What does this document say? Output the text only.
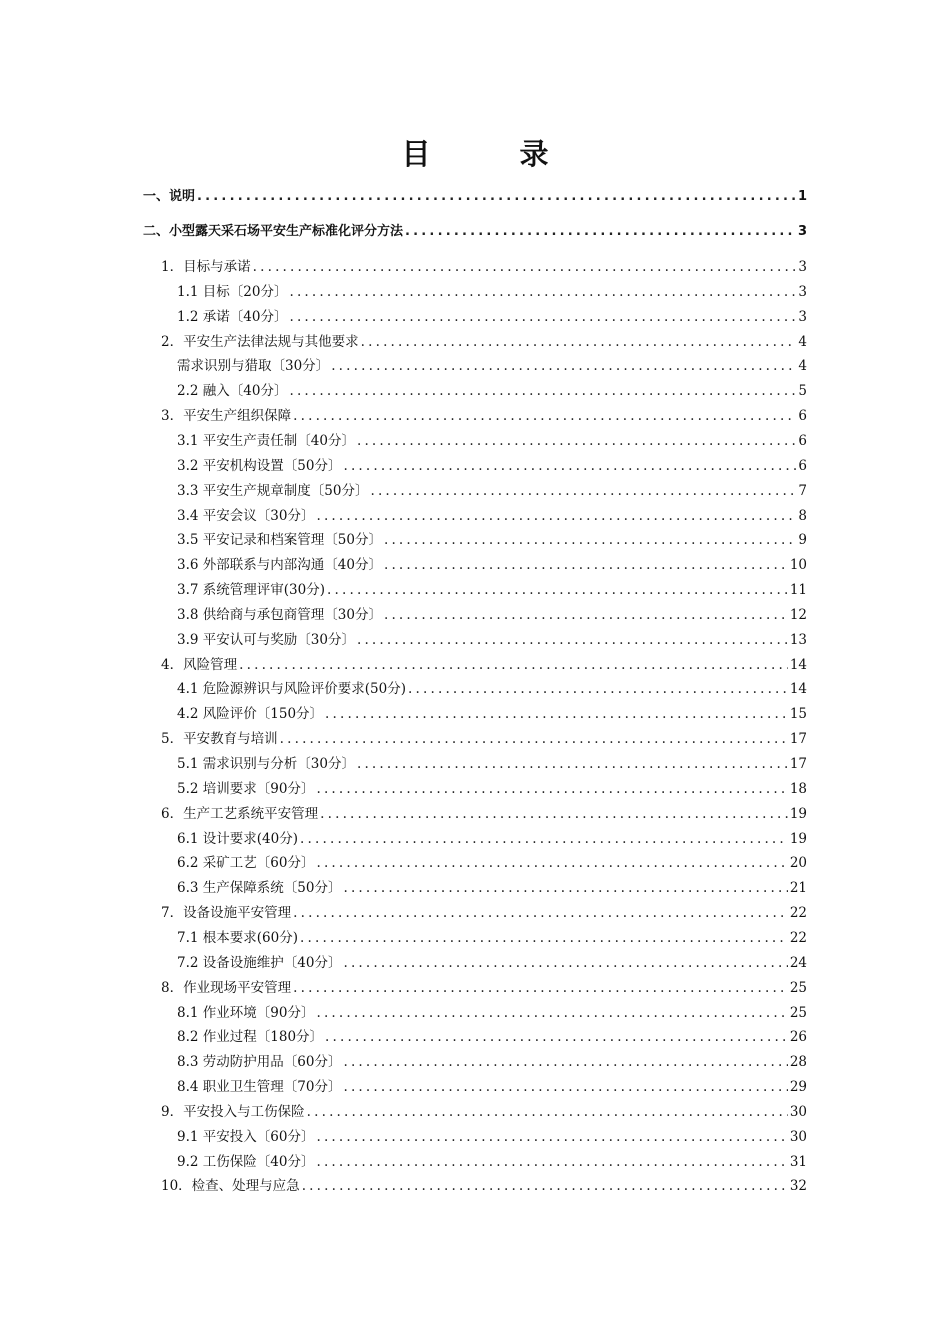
目　录
一、说明 .....	1
二、小型露天采石场平安生产标准化评分方法 .....	3
1．目标与承诺 .....	3
1.1 目标〔20分〕 .....	3
1.2 承诺〔40分〕 .....	3
2．平安生产法律法规与其他要求 .....	4
需求识别与猎取〔30分〕 .....	4
2.2 融入〔40分〕 .....	5
3．平安生产组织保障 .....	6
3.1 平安生产责任制〔40分〕 .....	6
3.2 平安机构设置〔50分〕 .....	6
3.3 平安生产规章制度〔50分〕 .....	7
3.4 平安会议〔30分〕 .....	8
3.5 平安记录和档案管理〔50分〕 .....	9
3.6 外部联系与内部沟通〔40分〕 .....	10
3.7 系统管理评审(30分) .....	11
3.8 供给商与承包商管理〔30分〕 .....	12
3.9 平安认可与奖励〔30分〕 .....	13
4．风险管理 .....	14
4.1 危险源辨识与风险评价要求(50分) .....	14
4.2 风险评价〔150分〕 .....	15
5．平安教育与培训 .....	17
5.1 需求识别与分析〔30分〕 .....	17
5.2 培训要求〔90分〕 .....	18
6．生产工艺系统平安管理 .....	19
6.1 设计要求(40分) .....	19
6.2 采矿工艺〔60分〕 .....	20
6.3 生产保障系统〔50分〕 .....	21
7．设备设施平安管理 .....	22
7.1 根本要求(60分) .....	22
7.2 设备设施维护〔40分〕 .....	24
8．作业现场平安管理 .....	25
8.1 作业环境〔90分〕 .....	25
8.2 作业过程〔180分〕 .....	26
8.3 劳动防护用品〔60分〕 .....	28
8.4 职业卫生管理〔70分〕 .....	29
9．平安投入与工伤保险 .....	30
9.1 平安投入〔60分〕 .....	30
9.2 工伤保险〔40分〕 .....	31
10．检查、处理与应急 .....	32
